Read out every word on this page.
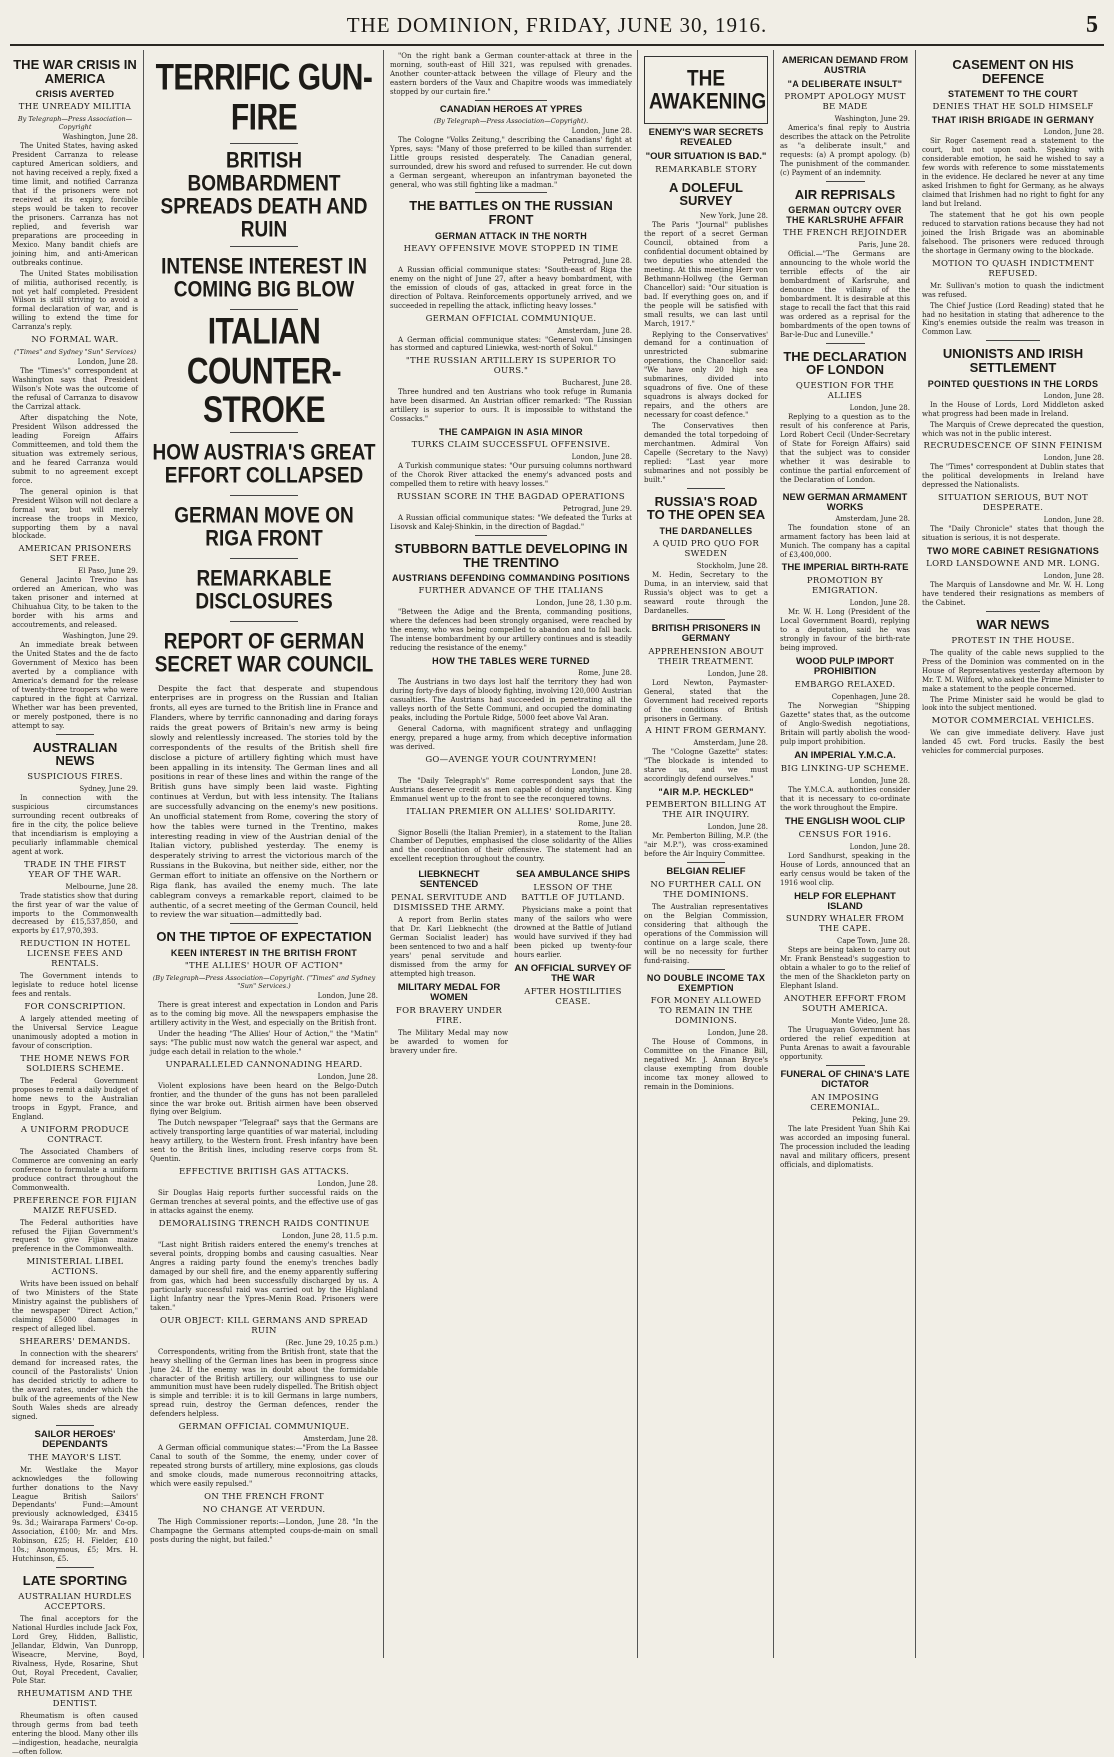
THE DOMINION, FRIDAY, JUNE 30, 1916.	5
THE WAR CRISIS IN AMERICA
CRISIS AVERTED
THE UNREADY MILITIA
By Telegraph—Press Association—Copyright
Washington, June 28.

The United States, having asked President Carranza to release captured American soldiers, and not having received a reply, fixed a time limit, and notified Carranza that if the prisoners were not received at its expiry, forcible steps would be taken to recover the prisoners. Carranza has not replied, and feverish war preparations are proceeding in Mexico. Many bandit chiefs are joining him, and anti-American outbreaks continue.

The United States mobilisation of militia, authorised recently, is not yet half completed. President Wilson is still striving to avoid a formal declaration of war, and is willing to extend the time for Carranza's reply.

NO FORMAL WAR.
("Times" and Sydney "Sun" Services)
London, June 28.

The "Times's" correspondent at Washington says that President Wilson's Note was the outcome of the refusal of Carranza to disavow the Carrizal attack.

After dispatching the Note, President Wilson addressed the leading Foreign Affairs Committeemen, and told them the situation was extremely serious, and he feared Carranza would submit to no agreement except force.

The general opinion is that President Wilson will not declare a formal war, but will merely increase the troops in Mexico, supporting them by a naval blockade.

AMERICAN PRISONERS SET FREE.
El Paso, June 29.

General Jacinto Trevino has ordered an American, who was taken prisoner and interned at Chihuahua City, to be taken to the border with his arms and accoutrements, and released.

Washington, June 29.

An immediate break between the United States and the de facto Government of Mexico has been averted by a compliance with America's demand for the release of twenty-three troopers who were captured in the fight at Carrizal. Whether war has been prevented, or merely postponed, there is no attempt to say.

AUSTRALIAN NEWS
SUSPICIOUS FIRES.
Sydney, June 29.

In connection with the suspicious circumstances surrounding recent outbreaks of fire in the city, the police believe that incendiarism is employing a peculiarly inflammable chemical agent at work.

TRADE IN THE FIRST YEAR OF THE WAR.
Melbourne, June 28.

Trade statistics show that during the first year of war the value of imports to the Commonwealth decreased by £15,537,850, and exports by £17,970,393.

REDUCTION IN HOTEL LICENSE FEES AND RENTALS.

The Government intends to legislate to reduce hotel license fees and rentals.

FOR CONSCRIPTION.

A largely attended meeting of the Universal Service League unanimously adopted a motion in favour of conscription.

THE HOME NEWS FOR SOLDIERS SCHEME.

The Federal Government proposes to remit a daily budget of home news to the Australian troops in Egypt, France, and England.

A UNIFORM PRODUCE CONTRACT.

The Associated Chambers of Commerce are convening an early conference to formulate a uniform produce contract throughout the Commonwealth.

PREFERENCE FOR FIJIAN MAIZE REFUSED.

The Federal authorities have refused the Fijian Government's request to give Fijian maize preference in the Commonwealth.

MINISTERIAL LIBEL ACTIONS.

Writs have been issued on behalf of two Ministers of the State Ministry against the publishers of the newspaper "Direct Action," claiming £5000 damages in respect of alleged libel.

SHEARERS' DEMANDS.

In connection with the shearers' demand for increased rates, the council of the Pastoralists' Union has decided strictly to adhere to the award rates, under which the bulk of the agreements of the New South Wales sheds are already signed.

SAILOR HEROES' DEPENDANTS
THE MAYOR'S LIST.

Mr. Westlake the Mayor acknowledges the following further donations to the Navy League British Sailors' Dependants' Fund:—Amount previously acknowledged, £3415 9s. 3d.; Wairarapa Farmers' Co-op. Association, £100; Mr. and Mrs. Robinson, £25; H. Fielder, £10 10s.; Anonymous, £5; Mrs. H. Hutchinson, £5.

LATE SPORTING
AUSTRALIAN HURDLES ACCEPTORS.

The final acceptors for the National Hurdles include Jack Fox, Lord Grey, Hidden, Ballistic, Jellandar, Eldwin, Van Dunropp, Wiseacre, Mervine, Boyd, Rivalness, Hyde, Rosarine, Shut Out, Royal Precedent, Cavalier, Pole Star.

RHEUMATISM AND THE DENTIST.

Rheumatism is often caused through germs from bad teeth entering the blood. Many other ills—indigestion, headache, neuralgia—often follow.

TERRIFIC GUN-FIRE
BRITISH BOMBARDMENT SPREADS DEATH AND RUIN
INTENSE INTEREST IN COMING BIG BLOW
ITALIAN COUNTER-STROKE
HOW AUSTRIA'S GREAT EFFORT COLLAPSED
GERMAN MOVE ON RIGA FRONT
REMARKABLE DISCLOSURES
REPORT OF GERMAN SECRET WAR COUNCIL

Despite the fact that desperate and stupendous enterprises are in progress on the Russian and Italian fronts, all eyes are turned to the British line in France and Flanders, where by terrific cannonading and daring forays raids the great powers of Britain's new army is being slowly and relentlessly increased. The stories told by the correspondents of the results of the British shell fire disclose a picture of artillery fighting which must have been appalling in its intensity. The German lines and all positions in rear of these lines and within the range of the British guns have simply been laid waste. Fighting continues at Verdun, but with less intensity. The Italians are successfully advancing on the enemy's new positions. An unofficial statement from Rome, covering the story of how the tables were turned in the Trentino, makes interesting reading in view of the Austrian denial of the Italian victory, published yesterday. The enemy is desperately striving to arrest the victorious march of the Russians in the Bukovina, but neither side, either, nor the German effort to initiate an offensive on the Northern or Riga flank, has availed the enemy much. The late cablegram conveys a remarkable report, claimed to be authentic, of a secret meeting of the German Council, held to review the war situation—admittedly bad.

ON THE TIPTOE OF EXPECTATION
KEEN INTEREST IN THE BRITISH FRONT
"THE ALLIES' HOUR OF ACTION"
(By Telegraph—Press Association—Copyright. ("Times" and Sydney "Sun" Services.)
London, June 28.

There is great interest and expectation in London and Paris as to the coming big move. All the newspapers emphasise the artillery activity in the West, and especially on the British front.

Under the heading "The Allies' Hour of Action," the "Matin" says: "The public must now watch the general war aspect, and judge each detail in relation to the whole."

UNPARALLELED CANNONADING HEARD.
London, June 28.

Violent explosions have been heard on the Belgo-Dutch frontier, and the thunder of the guns has not been paralleled since the war broke out. British airmen have been observed flying over Belgium.

The Dutch newspaper "Telegraaf" says that the Germans are actively transporting large quantities of war material, including heavy artillery, to the Western front. Fresh infantry have been sent to the British lines, including reserve corps from St. Quentin.

EFFECTIVE BRITISH GAS ATTACKS.
London, June 28.

Sir Douglas Haig reports further successful raids on the German trenches at several points, and the effective use of gas in attacks against the enemy.

DEMORALISING TRENCH RAIDS CONTINUE
London, June 28, 11.5 p.m.

"Last night British raiders entered the enemy's trenches at several points, dropping bombs and causing casualties. Near Angres a raiding party found the enemy's trenches badly damaged by our shell fire, and the enemy apparently suffering from gas, which had been successfully discharged by us. A particularly successful raid was carried out by the Highland Light Infantry near the Ypres–Menin Road. Prisoners were taken."

OUR OBJECT: KILL GERMANS AND SPREAD RUIN
(Rec. June 29, 10.25 p.m.)

Correspondents, writing from the British front, state that the heavy shelling of the German lines has been in progress since June 24. If the enemy was in doubt about the formidable character of the British artillery, our willingness to use our ammunition must have been rudely dispelled. The British object is simple and terrible: it is to kill Germans in large numbers, spread ruin, destroy the German defences, render the defenders helpless.

GERMAN OFFICIAL COMMUNIQUE.
Amsterdam, June 28.

A German official communique states:—"From the La Bassee Canal to south of the Somme, the enemy, under cover of repeated strong bursts of artillery, mine explosions, gas clouds and smoke clouds, made numerous reconnoitring attacks, which were easily repulsed."

ON THE FRENCH FRONT
NO CHANGE AT VERDUN.

The High Commissioner reports:—London, June 28. "In the Champagne the Germans attempted coups-de-main on small posts during the night, but failed."

"On the right bank a German counter-attack at three in the morning, south-east of Hill 321, was repulsed with grenades. Another counter-attack between the village of Fleury and the eastern borders of the Vaux and Chapitre woods was immediately stopped by our curtain fire."

CANADIAN HEROES AT YPRES
(By Telegraph—Press Association—Copyright).
London, June 28.

The Cologne "Volks Zeitung," describing the Canadians' fight at Ypres, says: "Many of those preferred to be killed than surrender. Little groups resisted desperately. The Canadian general, surrounded, drew his sword and refused to surrender. He cut down a German sergeant, whereupon an infantryman bayoneted the general, who was still fighting like a madman."

THE BATTLES ON THE RUSSIAN FRONT
GERMAN ATTACK IN THE NORTH
HEAVY OFFENSIVE MOVE STOPPED IN TIME
Petrograd, June 28.

A Russian official communique states: "South-east of Riga the enemy on the night of June 27, after a heavy bombardment, with the emission of clouds of gas, attacked in great force in the direction of Poltava. Reinforcements opportunely arrived, and we succeeded in repelling the attack, inflicting heavy losses."

GERMAN OFFICIAL COMMUNIQUE.
Amsterdam, June 28.

A German official communique states: "General von Linsingen has stormed and captured Liniewka, west-north of Sokul."

"THE RUSSIAN ARTILLERY IS SUPERIOR TO OURS."
Bucharest, June 28.

Three hundred and ten Austrians who took refuge in Rumania have been disarmed. An Austrian officer remarked: "The Russian artillery is superior to ours. It is impossible to withstand the Cossacks."

THE CAMPAIGN IN ASIA MINOR
TURKS CLAIM SUCCESSFUL OFFENSIVE.
London, June 28.

A Turkish communique states: "Our pursuing columns northward of the Chorok River attacked the enemy's advanced posts and compelled them to retire with heavy losses."

RUSSIAN SCORE IN THE BAGDAD OPERATIONS
Petrograd, June 29.

A Russian official communique states: "We defeated the Turks at Lisovsk and Kalej-Shinkin, in the direction of Bagdad."

STUBBORN BATTLE DEVELOPING IN THE TRENTINO
AUSTRIANS DEFENDING COMMANDING POSITIONS
FURTHER ADVANCE OF THE ITALIANS
London, June 28, 1.30 p.m.

"Between the Adige and the Brenta, commanding positions, where the defences had been strongly organised, were reached by the enemy, who was being compelled to abandon and to fall back. The intense bombardment by our artillery continues and is steadily reducing the resistance of the enemy."

HOW THE TABLES WERE TURNED
Rome, June 28.

The Austrians in two days lost half the territory they had won during forty-five days of bloody fighting, involving 120,000 Austrian casualties. The Austrians had succeeded in penetrating all the valleys north of the Sette Communi, and occupied the dominating peaks, including the Portule Ridge, 5000 feet above Val Aran.

General Cadorna, with magnificent strategy and unflagging energy, prepared a huge army, from which deceptive information was derived.

GO—AVENGE YOUR COUNTRYMEN!
London, June 28.

The "Daily Telegraph's" Rome correspondent says that the Austrians deserve credit as men capable of doing anything. King Emmanuel went up to the front to see the reconquered towns.

ITALIAN PREMIER ON ALLIES' SOLIDARITY.
Rome, June 28.

Signor Boselli (the Italian Premier), in a statement to the Italian Chamber of Deputies, emphasised the close solidarity of the Allies and the coordination of their offensive. The statement had an excellent reception throughout the country.

LIEBKNECHT SENTENCED
PENAL SERVITUDE AND DISMISSED THE ARMY.

A report from Berlin states that Dr. Karl Liebknecht (the German Socialist leader) has been sentenced to two and a half years' penal servitude and dismissed from the army for attempted high treason.

MILITARY MEDAL FOR WOMEN
FOR BRAVERY UNDER FIRE.

The Military Medal may now be awarded to women for bravery under fire.

SEA AMBULANCE SHIPS
LESSON OF THE BATTLE OF JUTLAND.

Physicians make a point that many of the sailors who were drowned at the Battle of Jutland would have survived if they had been picked up twenty-four hours earlier.

AN OFFICIAL SURVEY OF THE WAR
AFTER HOSTILITIES CEASE.
THE AWAKENING
ENEMY'S WAR SECRETS REVEALED
"OUR SITUATION IS BAD."
REMARKABLE STORY
A DOLEFUL SURVEY
New York, June 28.

The Paris "Journal" publishes the report of a secret German Council, obtained from a confidential document obtained by two deputies who attended the meeting. At this meeting Herr von Bethmann-Hollweg (the German Chancellor) said: "Our situation is bad. If everything goes on, and if the people will be satisfied with small results, we can last until March, 1917."

Replying to the Conservatives' demand for a continuation of unrestricted submarine operations, the Chancellor said: "We have only 20 high sea submarines, divided into squadrons of five. One of these squadrons is always docked for repairs, and the others are necessary for coast defence."

The Conservatives then demanded the total torpedoing of merchantmen. Admiral Von Capelle (Secretary to the Navy) replied: "Last year more submarines and not possibly be built."

RUSSIA'S ROAD TO THE OPEN SEA
THE DARDANELLES
A QUID PRO QUO FOR SWEDEN
Stockholm, June 28.

M. Hedin, Secretary to the Duma, in an interview, said that Russia's object was to get a seaward route through the Dardanelles.

BRITISH PRISONERS IN GERMANY
APPREHENSION ABOUT THEIR TREATMENT.
London, June 28.

Lord Newton, Paymaster-General, stated that the Government had received reports of the conditions of British prisoners in Germany.

A HINT FROM GERMANY.
Amsterdam, June 28.

The "Cologne Gazette" states: "The blockade is intended to starve us, and we must accordingly defend ourselves."

"AIR M.P. HECKLED"
PEMBERTON BILLING AT THE AIR INQUIRY.
London, June 28.

Mr. Pemberton Billing, M.P. (the "air M.P."), was cross-examined before the Air Inquiry Committee.

BELGIAN RELIEF
NO FURTHER CALL ON THE DOMINIONS.

The Australian representatives on the Belgian Commission, considering that although the operations of the Commission will continue on a large scale, there will be no necessity for further fund-raising.

NO DOUBLE INCOME TAX EXEMPTION
FOR MONEY ALLOWED TO REMAIN IN THE DOMINIONS.
London, June 28.

The House of Commons, in Committee on the Finance Bill, negatived Mr. J. Annan Bryce's clause exempting from double income tax money allowed to remain in the Dominions.

AMERICAN DEMAND FROM AUSTRIA
"A DELIBERATE INSULT"
PROMPT APOLOGY MUST BE MADE
Washington, June 29.

America's final reply to Austria describes the attack on the Petrolite as "a deliberate insult," and requests: (a) A prompt apology. (b) The punishment of the commander. (c) Payment of an indemnity.

AIR REPRISALS
GERMAN OUTCRY OVER THE KARLSRUHE AFFAIR
THE FRENCH REJOINDER
Paris, June 28.

Official.—"The Germans are announcing to the whole world the terrible effects of the air bombardment of Karlsruhe, and denounce the villainy of the bombardment. It is desirable at this stage to recall the fact that this raid was ordered as a reprisal for the bombardments of the open towns of Bar-le-Duc and Luneville."

THE DECLARATION OF LONDON
QUESTION FOR THE ALLIES
London, June 28.

Replying to a question as to the result of his conference at Paris, Lord Robert Cecil (Under-Secretary of State for Foreign Affairs) said that the subject was to consider whether it was desirable to continue the partial enforcement of the Declaration of London.

NEW GERMAN ARMAMENT WORKS
Amsterdam, June 28.

The foundation stone of an armament factory has been laid at Munich. The company has a capital of £3,400,000.

THE IMPERIAL BIRTH-RATE
PROMOTION BY EMIGRATION.
London, June 28.

Mr. W. H. Long (President of the Local Government Board), replying to a deputation, said he was strongly in favour of the birth-rate being improved.

WOOD PULP IMPORT PROHIBITION
EMBARGO RELAXED.
Copenhagen, June 28.

The Norwegian "Shipping Gazette" states that, as the outcome of Anglo-Swedish negotiations, Britain will partly abolish the wood-pulp import prohibition.

AN IMPERIAL Y.M.C.A.
BIG LINKING-UP SCHEME.
London, June 28.

The Y.M.C.A. authorities consider that it is necessary to co-ordinate the work throughout the Empire.

THE ENGLISH WOOL CLIP
CENSUS FOR 1916.
London, June 28.

Lord Sandhurst, speaking in the House of Lords, announced that an early census would be taken of the 1916 wool clip.

HELP FOR ELEPHANT ISLAND
SUNDRY WHALER FROM THE CAPE.
Cape Town, June 28.

Steps are being taken to carry out Mr. Frank Benstead's suggestion to obtain a whaler to go to the relief of the men of the Shackleton party on Elephant Island.

ANOTHER EFFORT FROM SOUTH AMERICA.
Monte Video, June 28.

The Uruguayan Government has ordered the relief expedition at Punta Arenas to await a favourable opportunity.

FUNERAL OF CHINA'S LATE DICTATOR
AN IMPOSING CEREMONIAL.
Peking, June 29.

The late President Yuan Shih Kai was accorded an imposing funeral. The procession included the leading naval and military officers, present officials, and diplomatists.

CASEMENT ON HIS DEFENCE
STATEMENT TO THE COURT
DENIES THAT HE SOLD HIMSELF
THAT IRISH BRIGADE IN GERMANY
London, June 28.

Sir Roger Casement read a statement to the court, but not upon oath. Speaking with considerable emotion, he said he wished to say a few words with reference to some misstatements in the evidence. He declared he never at any time asked Irishmen to fight for Germany, as he always claimed that Irishmen had no right to fight for any land but Ireland.

The statement that he got his own people reduced to starvation rations because they had not joined the Irish Brigade was an abominable falsehood. The prisoners were reduced through the shortage in Germany owing to the blockade.

MOTION TO QUASH INDICTMENT REFUSED.

Mr. Sullivan's motion to quash the indictment was refused.

The Chief Justice (Lord Reading) stated that he had no hesitation in stating that adherence to the King's enemies outside the realm was treason in Common Law.

UNIONISTS AND IRISH SETTLEMENT
POINTED QUESTIONS IN THE LORDS
London, June 28.

In the House of Lords, Lord Middleton asked what progress had been made in Ireland.

The Marquis of Crewe deprecated the question, which was not in the public interest.

RECRUDESCENCE OF SINN FEINISM
London, June 28.

The "Times" correspondent at Dublin states that the political developments in Ireland have depressed the Nationalists.

SITUATION SERIOUS, BUT NOT DESPERATE.
London, June 28.

The "Daily Chronicle" states that though the situation is serious, it is not desperate.

TWO MORE CABINET RESIGNATIONS
LORD LANSDOWNE AND MR. LONG.
London, June 28.

The Marquis of Lansdowne and Mr. W. H. Long have tendered their resignations as members of the Cabinet.

WAR NEWS
PROTEST IN THE HOUSE.

The quality of the cable news supplied to the Press of the Dominion was commented on in the House of Representatives yesterday afternoon by Mr. T. M. Wilford, who asked the Prime Minister to make a statement to the people concerned.

The Prime Minister said he would be glad to look into the subject mentioned.

MOTOR COMMERCIAL VEHICLES.

We can give immediate delivery. Have just landed 45 cwt. Ford trucks. Easily the best vehicles for commercial purposes.
